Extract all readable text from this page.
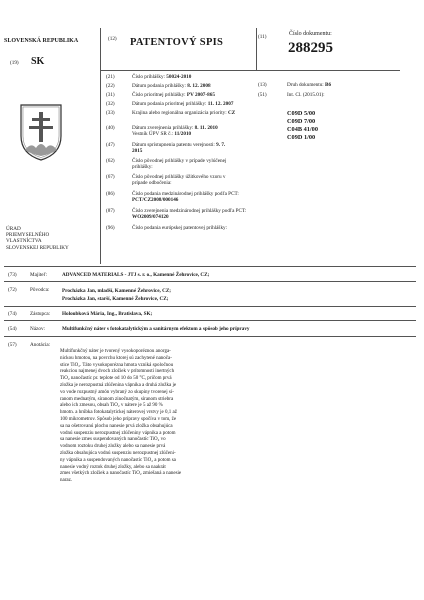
SLOVENSKÁ REPUBLIKA
(19) SK
(12) PATENTOVÝ SPIS	(11)	Číslo dokumentu:
288295
ÚRAD
PRIEMYSELNÉHO
VLASTNÍCTVA
SLOVENSKEJ REPUBLIKY
(21)	Číslo prihlášky: 50024-2010
(22)	Dátum podania prihlášky: 8. 12. 2008
(31)	Číslo prioritnej prihlášky: PV 2007-865
(32)	Dátum podania prioritnej prihlášky: 11. 12. 2007
(33)	Krajina alebo regionálna organizácia priority: CZ
(40)	Dátum zverejnenia prihlášky: 8. 11. 2010
Vestník ÚPV SR č.: 11/2010
(47)	Dátum sprístupnenia patentu verejnosti: 9. 7. 2015
(62)	Číslo pôvodnej prihlášky v prípade vylúčenej prihlášky:
(67)	Číslo pôvodnej prihlášky úžitkového vzoru v prípade odbočenia:
(86)	Číslo podania medzinárodnej prihlášky podľa PCT: PCT/CZ2008/000146
(87)	Číslo zverejnenia medzinárodnej prihlášky podľa PCT: WO2009/074120
(96)	Číslo podania európskej patentovej prihlášky:
(13)	Druh dokumentu: B6
(51)	Int. Cl. (2015.01):
C09D 5/00
C09D 7/00
C04B 41/00
C09D 1/00
(73)	Majiteľ:	ADVANCED MATERIALS - JTJ s. r. o., Kamenné Žehrovice, CZ;
(72)	Pôvodca: Procházka Jan, mladší, Kamenné Žehrovice, CZ;
Procházka Jan, starší, Kamenné Žehrovice, CZ;
(74)	Zástupca: Holoubková Mária, Ing., Bratislava, SK;
(54)	Názov:	Multifunkčný náter s fotokatalytickým a sanitárnym efektom a spôsob jeho prípravy
(57)	Anotácia:
Multifunkčný náter je tvorený vysokoporéznou anorga-
nickou hmotou, na povrchu ktorej sú zachytené nanoča-
stice TiO₂. Táto vysokoporézna hmota vzniká spoločnou
reakciou najmenej dvoch zložiek v prítomnosti inertných
TiO₂ nanočastíc pr. teplote od 10 do 50 °C, pričom prvá
zložka je nerozpustná zlúčenina vápnika a druhá zložka je
vo vode rozpustný amón vybraný zo skupiny tvorenej sí-
ranom mednatým, síranom zinočnatým, síranom striebra
alebo ich zmesou, obsah TiO₂ v nátere je 5 až 90 %
hmotn. a hrúbka fotokatalytickej náterovej vrstvy je 0,1 až
100 mikrometrov. Spôsob jeho prípravy spočíva v tom, že
sa na ošetrovanú plochu nanesie prvá zložka obsahujúca
vodnú suspenziu nerozpustnej zlúčeniny vápnika a potom
sa nanesie zmes suspendovaných nanočastíc TiO₂ vo
vodnom roztoku druhej zložky alebo sa nanesie prvá
zložka obsahujúca vodnú suspenziu nerozpustnej zlúčeni-
ny vápnika a suspendovaných nanočastíc TiO₂ a potom sa
nanesie vodný roztok druhej zložky, alebo sa naakrát
zmes všetkých zložiek a nanočastíc TiO₂ zmiešaná a nanesie
naraz.
